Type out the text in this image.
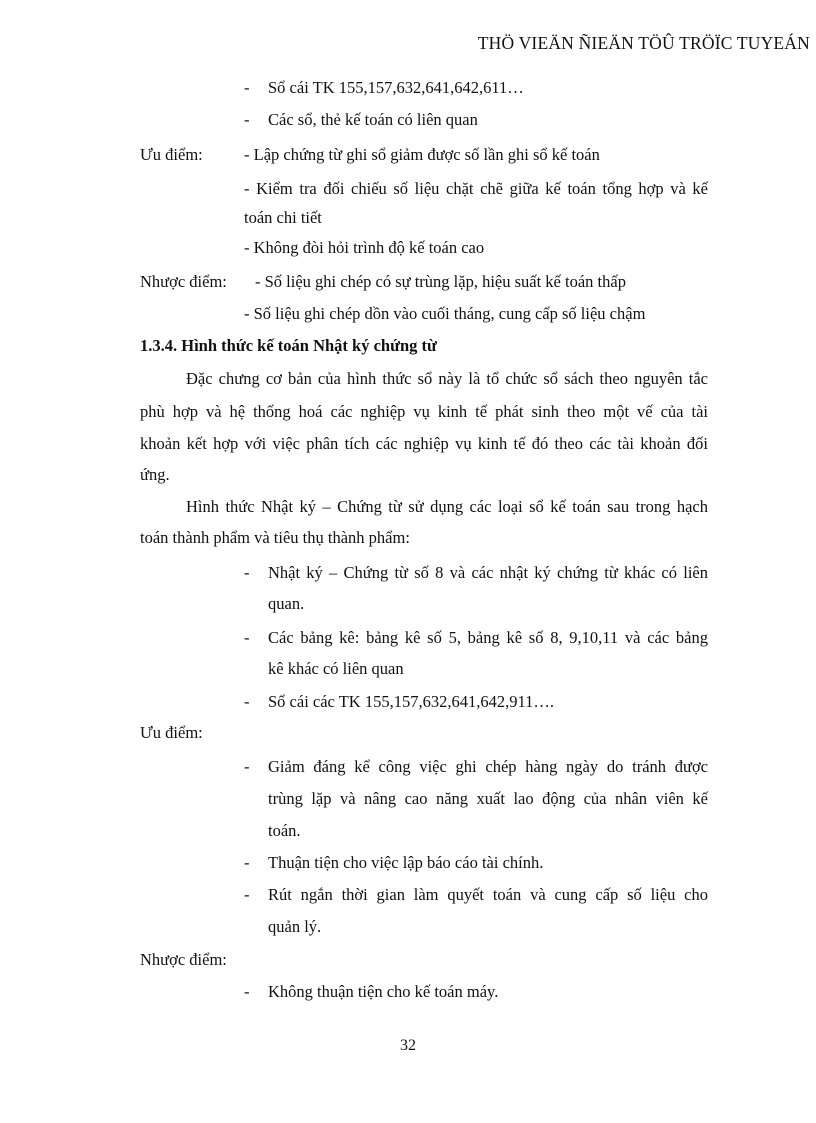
THÖ VIEÄN ÑIEÄN TÖÛ TRÖÏC TUYEÁN
- Sổ cái TK 155,157,632,641,642,611…
- Các sổ, thẻ kế toán có liên quan
Ưu điểm: - Lập chứng từ ghi sổ giảm được số lần ghi sổ kế toán
- Kiểm tra đối chiếu số liệu chặt chẽ giữa kế toán tổng hợp và kế
toán chi tiết
- Không đòi hỏi trình độ kế toán cao
Nhược điểm: - Số liệu ghi chép có sự trùng lặp, hiệu suất kế toán thấp
- Số liệu ghi chép dồn vào cuối tháng, cung cấp số liệu chậm
1.3.4. Hình thức kế toán Nhật ký chứng từ
Đặc chưng cơ bản của hình thức sổ này là tổ chức sổ sách theo nguyên tắc
phù hợp và hệ thống hoá các nghiệp vụ kinh tế phát sinh theo một vế của tài
khoản kết hợp với việc phân tích các nghiệp vụ kinh tế đó theo các tài khoản đối
ứng.
Hình thức Nhật ký – Chứng từ sử dụng các loại sổ kế toán sau trong hạch
toán thành phẩm và tiêu thụ thành phẩm:
- Nhật ký – Chứng từ số 8 và các nhật ký chứng từ khác có liên
quan.
- Các bảng kê: bảng kê số 5, bảng kê số 8, 9,10,11 và các bảng
kê khác có liên quan
- Sổ cái các TK 155,157,632,641,642,911….
Ưu điểm:
- Giảm đáng kể công việc ghi chép hàng ngày do tránh được
trùng lặp và nâng cao năng xuất lao động của nhân viên kế
toán.
- Thuận tiện cho việc lập báo cáo tài chính.
- Rút ngắn thời gian làm quyết toán và cung cấp số liệu cho
quản lý.
Nhược điểm:
- Không thuận tiện cho kế toán máy.
32
